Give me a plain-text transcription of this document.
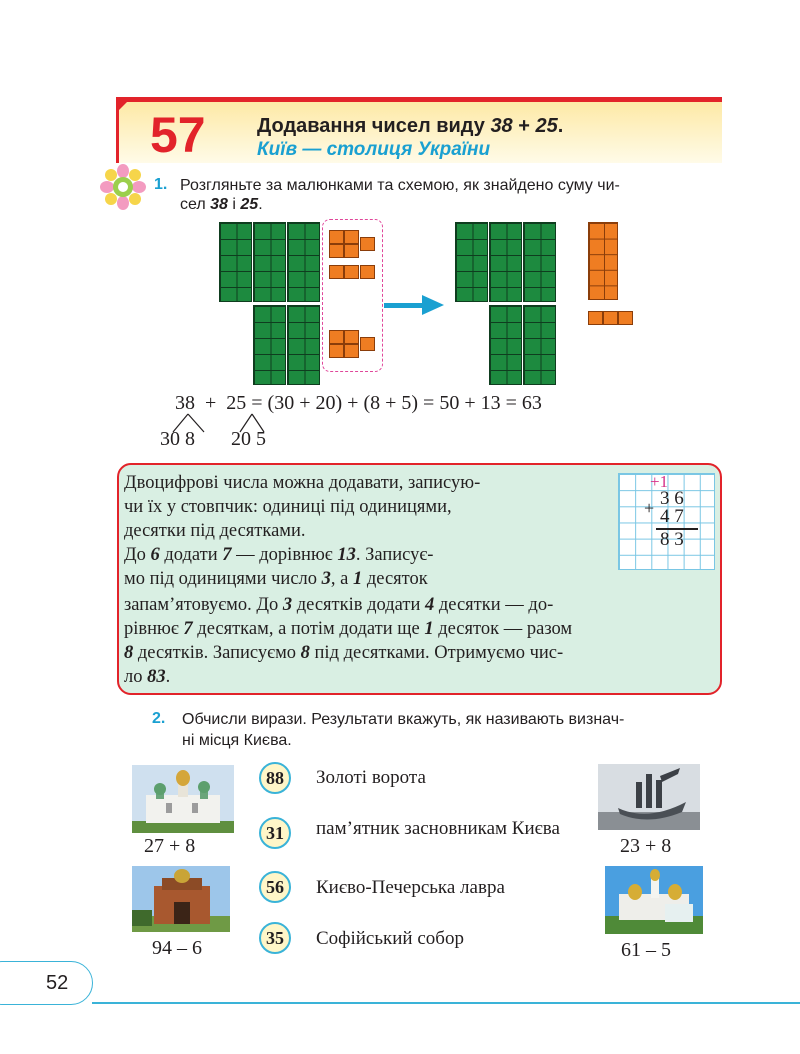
57	Додавання чисел виду 38 + 25.
Київ — столиця України
1. Розгляньте за малюнками та схемою, як знайдено суму чи-
сел 38 і 25.
38  +  25 = (30 + 20) + (8 + 5) = 50 + 13 = 63
30 8 20 5
+1
+ 3 6
4 7
8 3
Двоцифрові числа можна додавати, записую-
чи їх у стовпчик: одиниці під одиницями,
десятки під десятками.
До 6 додати 7 — дорівнює 13. Записує-
мо під одиницями число 3, а 1 десяток
запам’ятовуємо. До 3 десятків додати 4 десятки — до-
рівнює 7 десяткам, а потім додати ще 1 десяток — разом
8 десятків. Записуємо 8 під десятками. Отримуємо чис-
ло 83.
2. Обчисли вирази. Результати вкажуть, як називають визнач-
ні місця Києва.
27 + 8
94 – 6
23 + 8
61 – 5
88	Золоті ворота
31	пам’ятник засновникам Києва
56	Києво-Печерська лавра
35	Софійський собор
52
